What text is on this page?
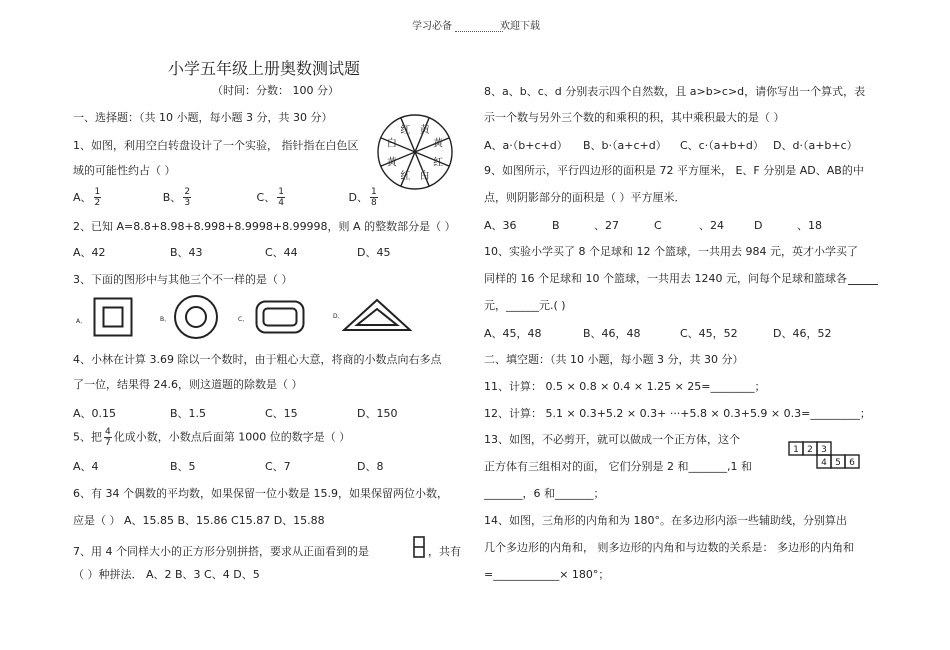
学习必备	欢迎下载
小学五年级上册奥数测试题
（时间：分数： 100 分）
一、选择题：（共 10 小题，每小题 3 分，共 30 分）
1、如图，利用空白转盘设计了一个实验， 指针指在白色区
域的可能性约占（ ）
黄
黄
红
白
红
黄
白
红
A、 $\frac{1}{2}$	B、 $\frac{2}{3}$	C、 $\frac{1}{4}$	D、 $\frac{1}{8}$
2、已知 A=8.8+8.98+8.998+8.9998+8.99998，则 A 的整数部分是（ ）
A、42	B、43	C、44	D、45
3、下面的图形中与其他三个不一样的是（ ）
A、	B、	C、	D、
4、小林在计算 3.69 除以一个数时，由于粗心大意，将商的小数点向右多点
了一位，结果得 24.6，则这道题的除数是（ ）
A、0.15	B、1.5	C、15	D、150
5、把 $\frac{4}{7}$ 化成小数，小数点后面第 1000 位的数字是（ ）
A、4	B、5	C、7	D、8
6、有 34 个偶数的平均数，如果保留一位小数是 15.9，如果保留两位小数，
应是（ ） A、15.85 B、15.86 C15.87 D、15.88
7、用 4 个同样大小的正方形分别拼搭，要求从正面看到的是	，共有
（ ）种拼法． A、2 B、3 C、4 D、5
8、a、b、c、d 分别表示四个自然数，且 a>b>c>d，请你写出一个算式，表
示一个数与另外三个数的和乘积的积，其中乘积最大的是（ ）
A、a·（b+c+d） B、b·（a+c+d） C、c·（a+b+d） D、d·（a+b+c）
9、如图所示，平行四边形的面积是 72 平方厘米， E、F 分别是 AD、AB的中
点，则阴影部分的面积是（ ）平方厘米．
A、36	B	、27	C	、24	D	、18
10、实验小学买了 8 个足球和 12 个篮球，一共用去 984 元，英才小学买了
同样的 16 个足球和 10 个篮球，一共用去 1240 元，问每个足球和篮球各
元，______元.( )
A、45，48	B、46，48	C、45，52	D、46，52
二、填空题：（共 10 小题，每小题 3 分，共 30 分）
11、计算： 0.5 × 0.8 × 0.4 × 1.25 × 25=________；
12、计算： 5.1 × 0.3+5.2 × 0.3+ ···+5.8 × 0.3+5.9 × 0.3=_________；
13、如图，不必剪开，就可以做成一个正方体，这个
正方体有三组相对的面， 它们分别是 2 和_______,1 和
_______，6 和_______；
1 2 3
4 5 6
14、如图，三角形的内角和为 180°。在多边形内添一些辅助线，分别算出
几个多边形的内角和， 则多边形的内角和与边数的关系是： 多边形的内角和
=____________× 180°；
